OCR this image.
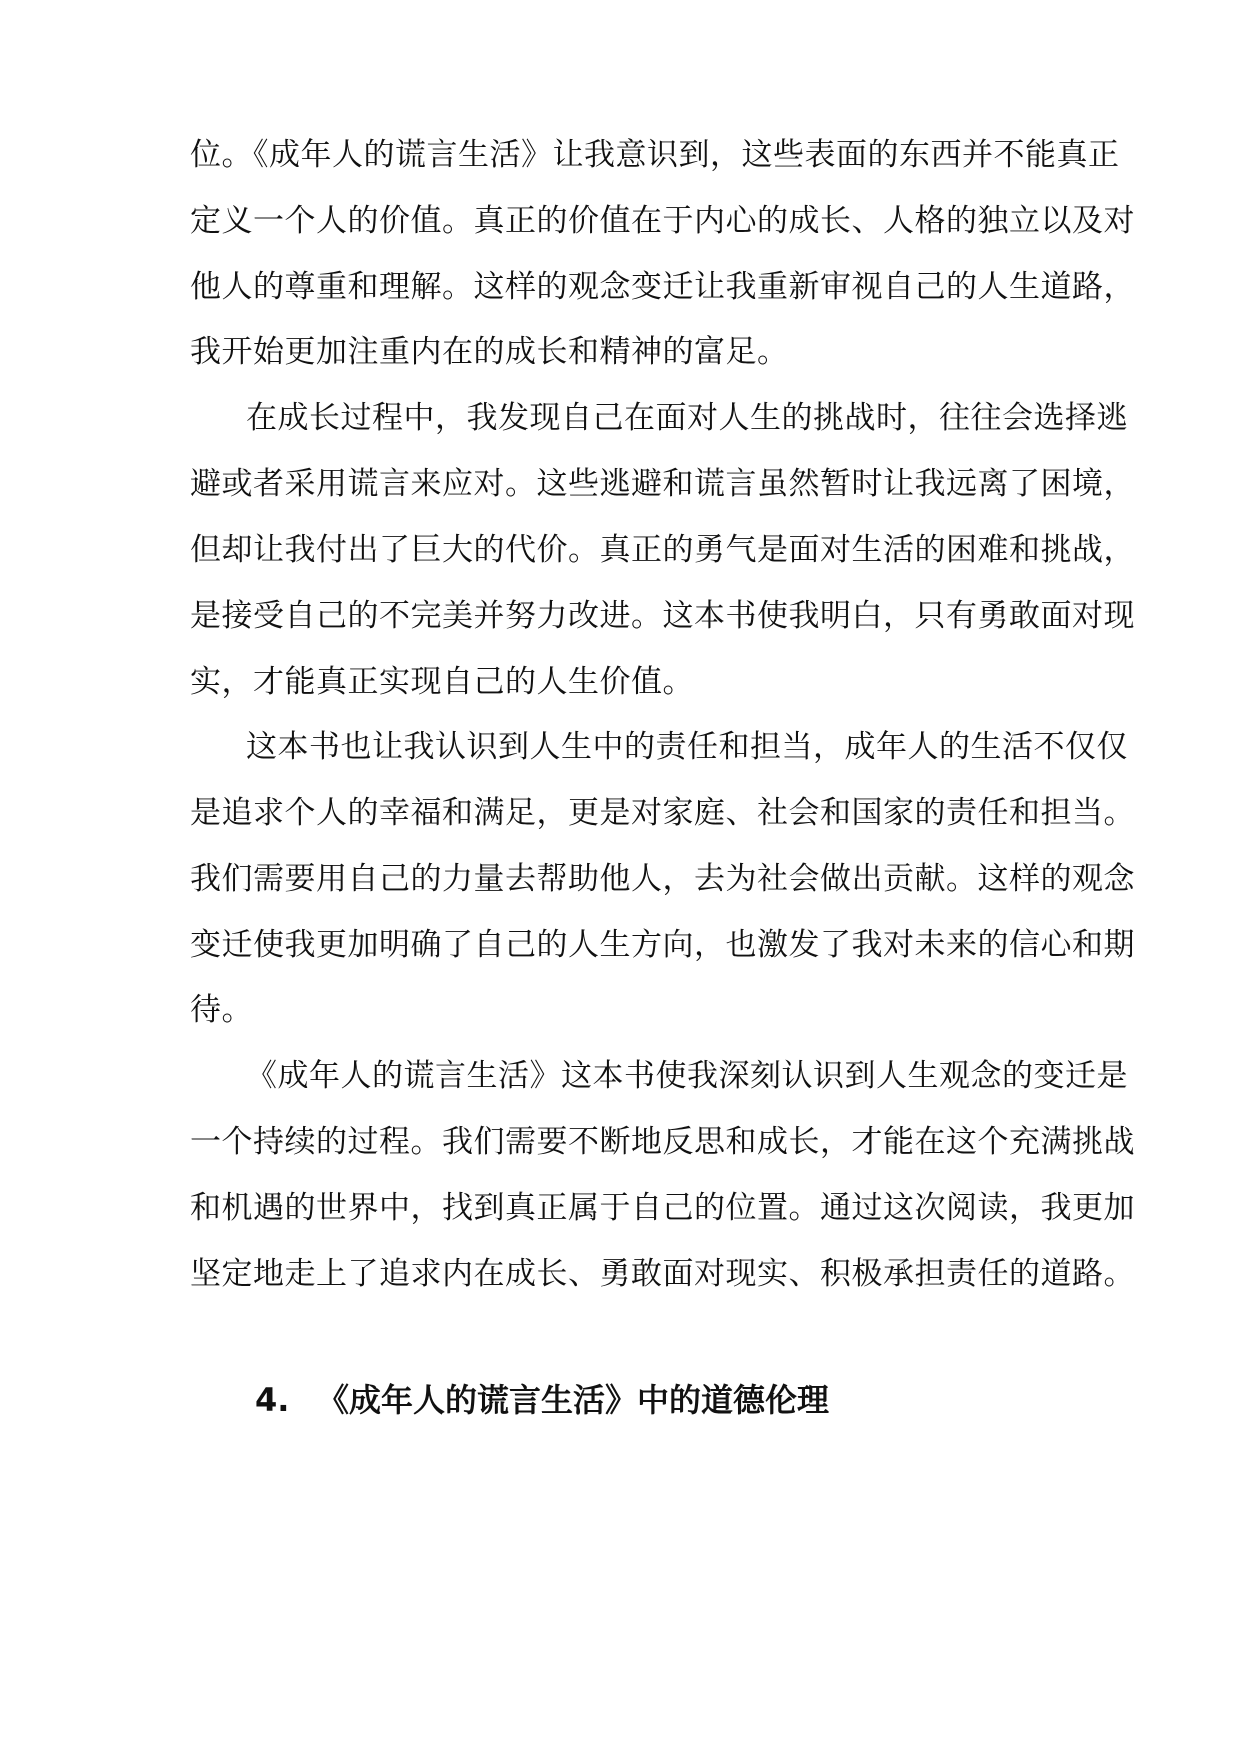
位。《成年人的谎言生活》让我意识到，这些表面的东西并不能真正
定义一个人的价值。真正的价值在于内心的成长、人格的独立以及对
他人的尊重和理解。这样的观念变迁让我重新审视自己的人生道路，
我开始更加注重内在的成长和精神的富足。
在成长过程中，我发现自己在面对人生的挑战时，往往会选择逃
避或者采用谎言来应对。这些逃避和谎言虽然暂时让我远离了困境，
但却让我付出了巨大的代价。真正的勇气是面对生活的困难和挑战，
是接受自己的不完美并努力改进。这本书使我明白，只有勇敢面对现
实，才能真正实现自己的人生价值。
这本书也让我认识到人生中的责任和担当，成年人的生活不仅仅
是追求个人的幸福和满足，更是对家庭、社会和国家的责任和担当。
我们需要用自己的力量去帮助他人，去为社会做出贡献。这样的观念
变迁使我更加明确了自己的人生方向，也激发了我对未来的信心和期
待。
《成年人的谎言生活》这本书使我深刻认识到人生观念的变迁是
一个持续的过程。我们需要不断地反思和成长，才能在这个充满挑战
和机遇的世界中，找到真正属于自己的位置。通过这次阅读，我更加
坚定地走上了追求内在成长、勇敢面对现实、积极承担责任的道路。
4. 《成年人的谎言生活》中的道德伦理
